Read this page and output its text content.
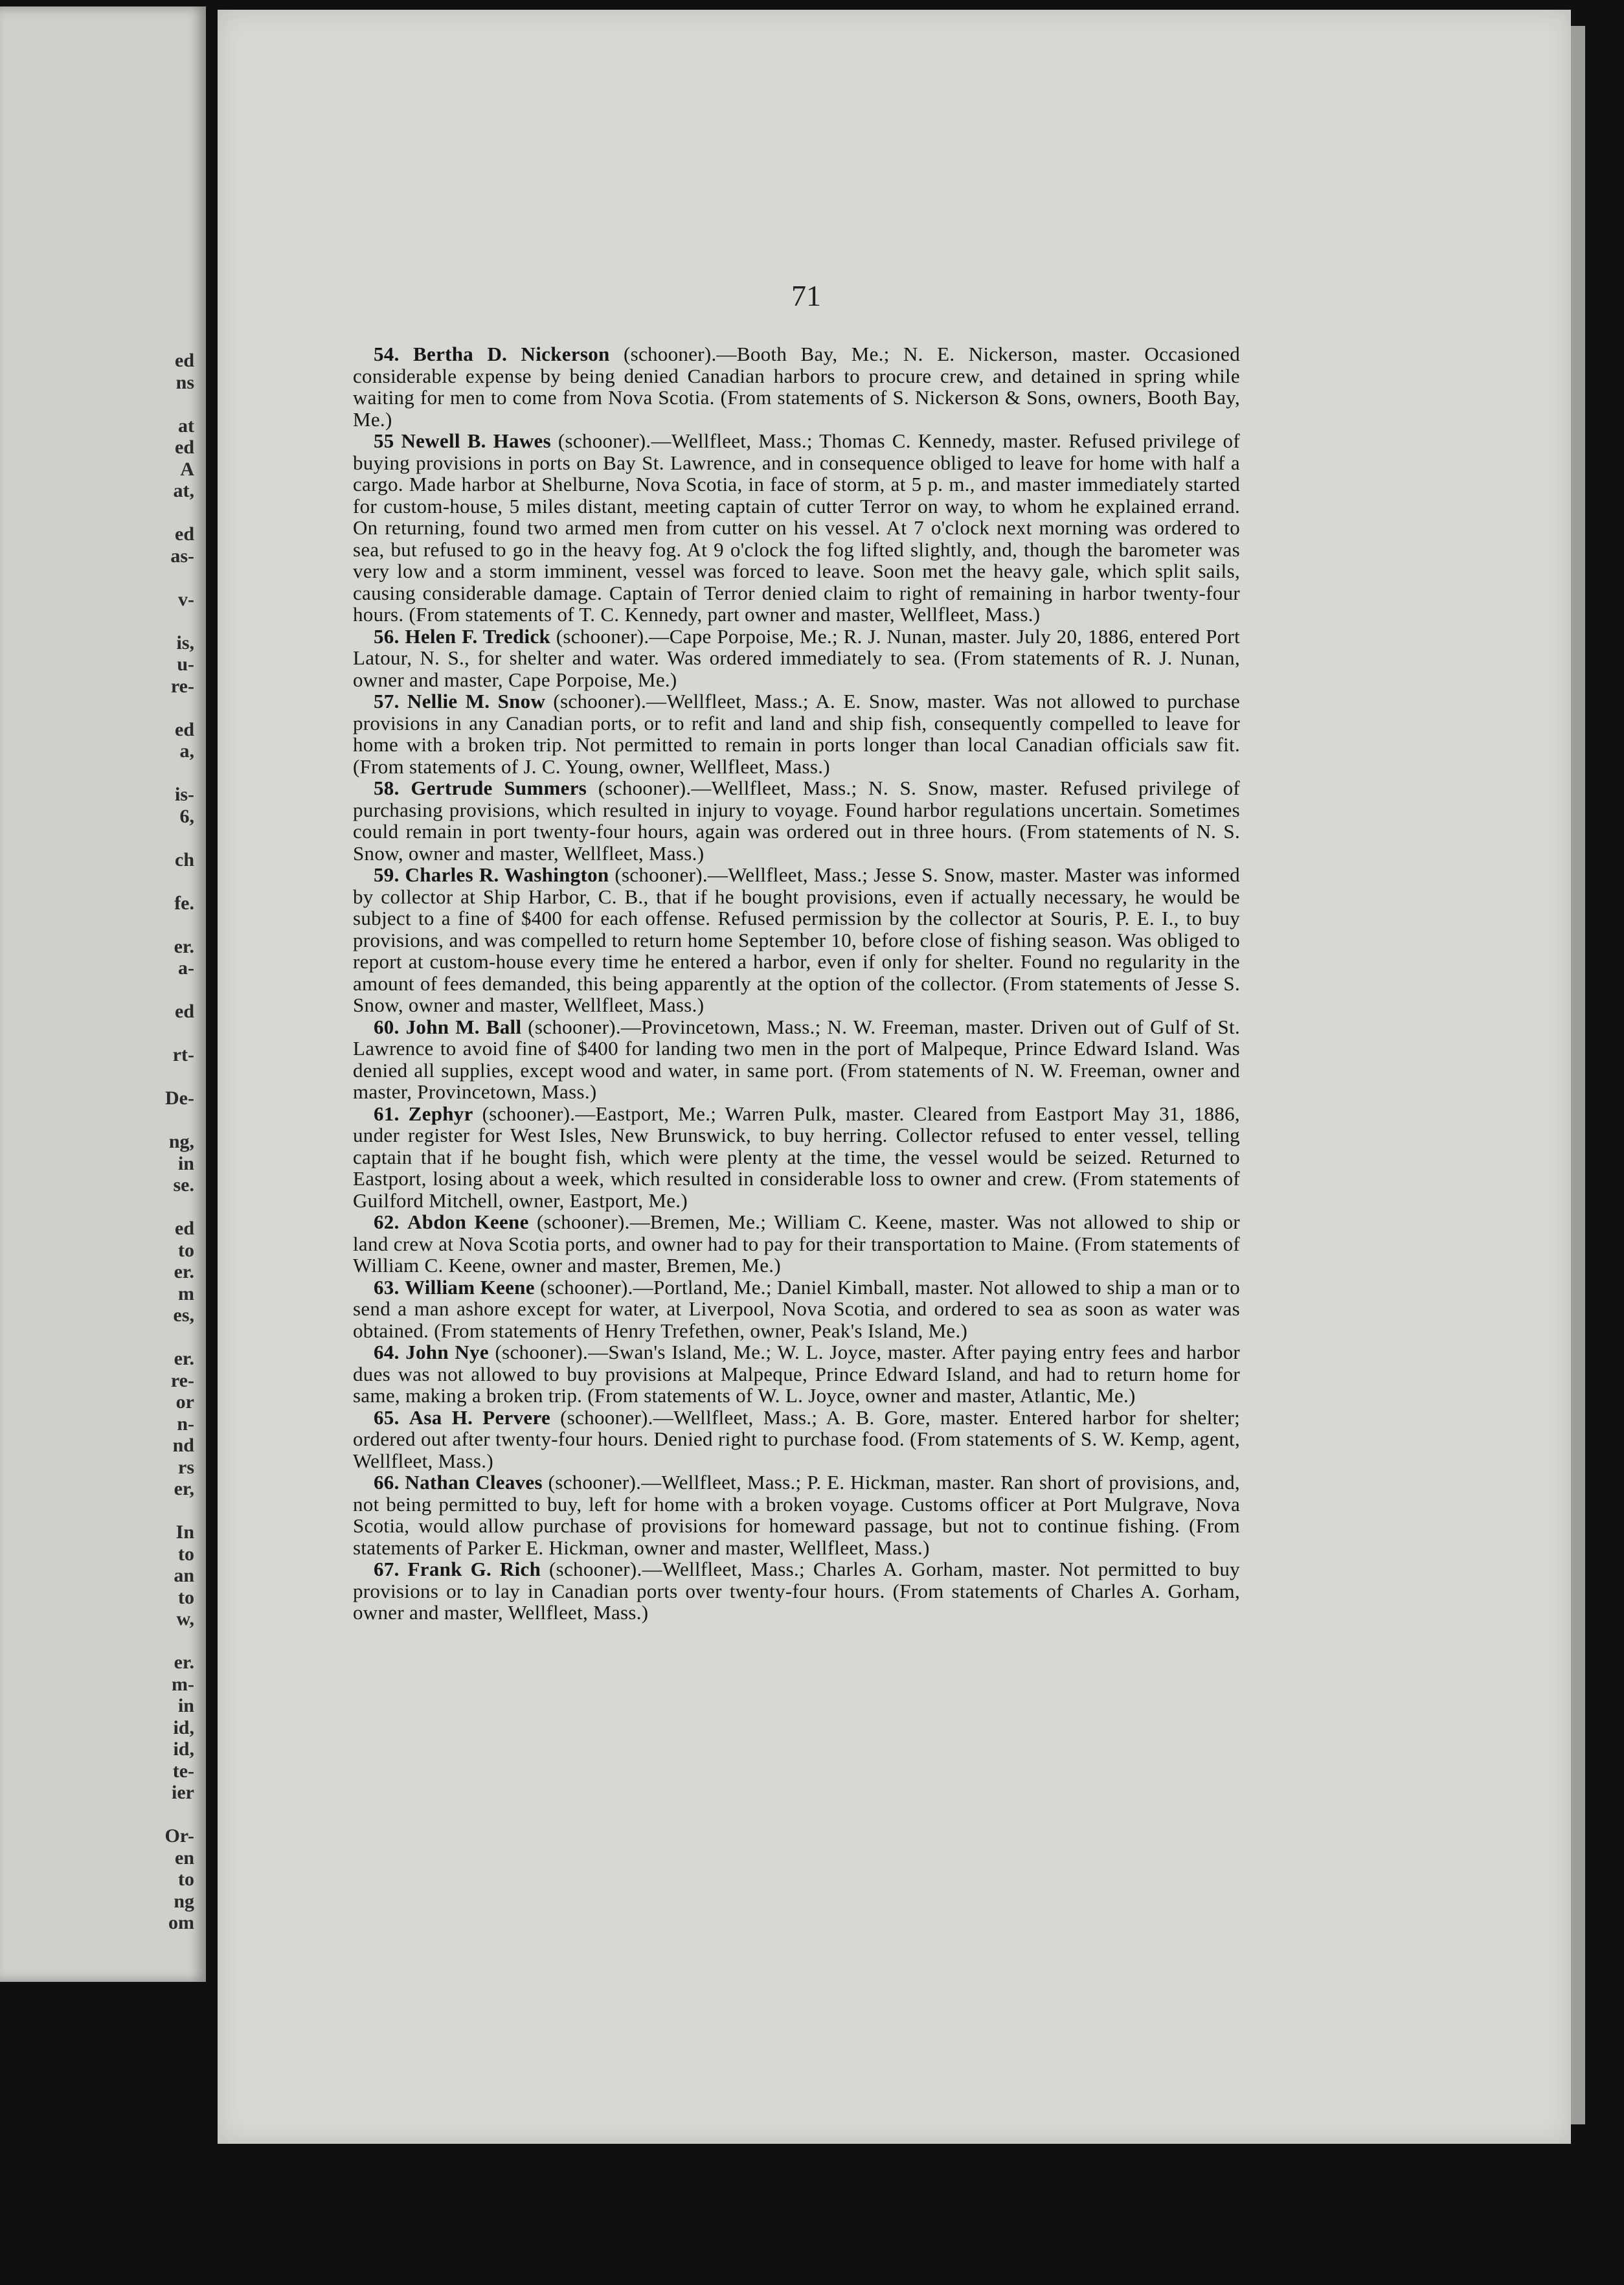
ed
ns
at
ed
A
at,
ed
as-
v-
is,
u-
re-
ed
a,
is-
6,
ch
fe.
er.
a-
ed
rt-
De-
ng,
in
se.
ed
to
er.
m
es,
er.
re-
or
n-
nd
rs
er,
In
to
an
to
w,
er.
m-
in
id,
id,
te-
ier
Or-
en
to
ng
om
71

54. Bertha D. Nickerson (schooner).—Booth Bay, Me.; N. E. Nickerson, master. Occasioned considerable expense by being denied Canadian harbors to procure crew, and detained in spring while waiting for men to come from Nova Scotia. (From statements of S. Nickerson & Sons, owners, Booth Bay, Me.)

55 Newell B. Hawes (schooner).—Wellfleet, Mass.; Thomas C. Kennedy, master. Refused privilege of buying provisions in ports on Bay St. Lawrence, and in consequence obliged to leave for home with half a cargo. Made harbor at Shelburne, Nova Scotia, in face of storm, at 5 p. m., and master immediately started for custom-house, 5 miles distant, meeting captain of cutter Terror on way, to whom he explained errand. On returning, found two armed men from cutter on his vessel. At 7 o'clock next morning was ordered to sea, but refused to go in the heavy fog. At 9 o'clock the fog lifted slightly, and, though the barometer was very low and a storm imminent, vessel was forced to leave. Soon met the heavy gale, which split sails, causing considerable damage. Captain of Terror denied claim to right of remaining in harbor twenty-four hours. (From statements of T. C. Kennedy, part owner and master, Wellfleet, Mass.)

56. Helen F. Tredick (schooner).—Cape Porpoise, Me.; R. J. Nunan, master. July 20, 1886, entered Port Latour, N. S., for shelter and water. Was ordered immediately to sea. (From statements of R. J. Nunan, owner and master, Cape Porpoise, Me.)

57. Nellie M. Snow (schooner).—Wellfleet, Mass.; A. E. Snow, master. Was not allowed to purchase provisions in any Canadian ports, or to refit and land and ship fish, consequently compelled to leave for home with a broken trip. Not permitted to remain in ports longer than local Canadian officials saw fit. (From statements of J. C. Young, owner, Wellfleet, Mass.)

58. Gertrude Summers (schooner).—Wellfleet, Mass.; N. S. Snow, master. Refused privilege of purchasing provisions, which resulted in injury to voyage. Found harbor regulations uncertain. Sometimes could remain in port twenty-four hours, again was ordered out in three hours. (From statements of N. S. Snow, owner and master, Wellfleet, Mass.)

59. Charles R. Washington (schooner).—Wellfleet, Mass.; Jesse S. Snow, master. Master was informed by collector at Ship Harbor, C. B., that if he bought provisions, even if actually necessary, he would be subject to a fine of $400 for each offense. Refused permission by the collector at Souris, P. E. I., to buy provisions, and was compelled to return home September 10, before close of fishing season. Was obliged to report at custom-house every time he entered a harbor, even if only for shelter. Found no regularity in the amount of fees demanded, this being apparently at the option of the collector. (From statements of Jesse S. Snow, owner and master, Wellfleet, Mass.)

60. John M. Ball (schooner).—Provincetown, Mass.; N. W. Freeman, master. Driven out of Gulf of St. Lawrence to avoid fine of $400 for landing two men in the port of Malpeque, Prince Edward Island. Was denied all supplies, except wood and water, in same port. (From statements of N. W. Freeman, owner and master, Provincetown, Mass.)

61. Zephyr (schooner).—Eastport, Me.; Warren Pulk, master. Cleared from Eastport May 31, 1886, under register for West Isles, New Brunswick, to buy herring. Collector refused to enter vessel, telling captain that if he bought fish, which were plenty at the time, the vessel would be seized. Returned to Eastport, losing about a week, which resulted in considerable loss to owner and crew. (From statements of Guilford Mitchell, owner, Eastport, Me.)

62. Abdon Keene (schooner).—Bremen, Me.; William C. Keene, master. Was not allowed to ship or land crew at Nova Scotia ports, and owner had to pay for their transportation to Maine. (From statements of William C. Keene, owner and master, Bremen, Me.)

63. William Keene (schooner).—Portland, Me.; Daniel Kimball, master. Not allowed to ship a man or to send a man ashore except for water, at Liverpool, Nova Scotia, and ordered to sea as soon as water was obtained. (From statements of Henry Trefethen, owner, Peak's Island, Me.)

64. John Nye (schooner).—Swan's Island, Me.; W. L. Joyce, master. After paying entry fees and harbor dues was not allowed to buy provisions at Malpeque, Prince Edward Island, and had to return home for same, making a broken trip. (From statements of W. L. Joyce, owner and master, Atlantic, Me.)

65. Asa H. Pervere (schooner).—Wellfleet, Mass.; A. B. Gore, master. Entered harbor for shelter; ordered out after twenty-four hours. Denied right to purchase food. (From statements of S. W. Kemp, agent, Wellfleet, Mass.)

66. Nathan Cleaves (schooner).—Wellfleet, Mass.; P. E. Hickman, master. Ran short of provisions, and, not being permitted to buy, left for home with a broken voyage. Customs officer at Port Mulgrave, Nova Scotia, would allow purchase of provisions for homeward passage, but not to continue fishing. (From statements of Parker E. Hickman, owner and master, Wellfleet, Mass.)

67. Frank G. Rich (schooner).—Wellfleet, Mass.; Charles A. Gorham, master. Not permitted to buy provisions or to lay in Canadian ports over twenty-four hours. (From statements of Charles A. Gorham, owner and master, Wellfleet, Mass.)
